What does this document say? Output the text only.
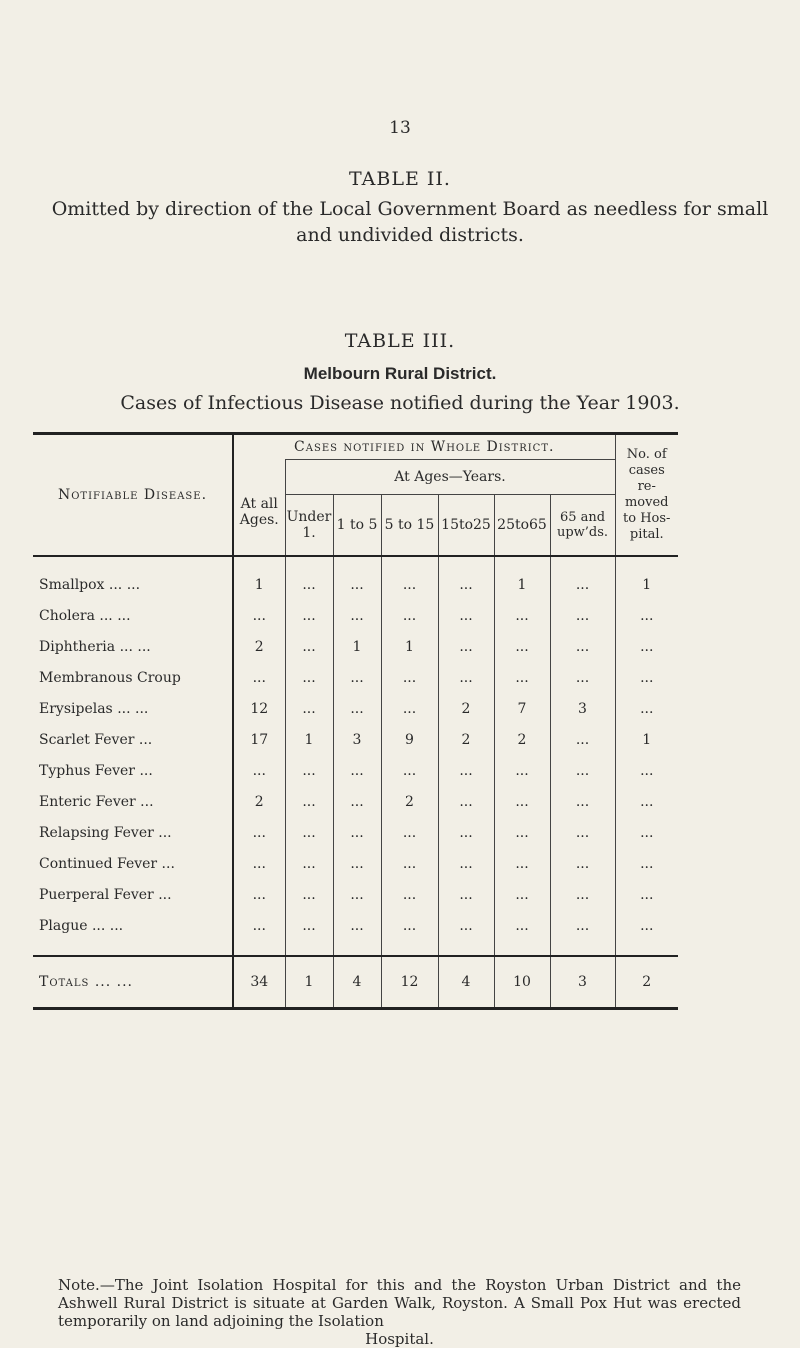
13
TABLE II.
Omitted by direction of the Local Government Board as needless for small and undivided districts.
TABLE III.
Melbourn Rural District.
Cases of Infectious Disease notified during the Year 1903.
Notifiable Disease.	Cases notified in Whole District.							No. of cases re-moved to Hos-pital.
	At all Ages.	At Ages—Years.						
		Under 1.	1 to 5	5 to 15	15to25	25to65	65 and upw’ds.	
Smallpox ... ...	1	...	...	...	...	1	...	1
Cholera ... ...	...	...	...	...	...	...	...	...
Diphtheria ... ...	2	...	1	1	...	...	...	...
Membranous Croup	...	...	...	...	...	...	...	...
Erysipelas ... ...	12	...	...	...	2	7	3	...
Scarlet Fever ...	17	1	3	9	2	2	...	1
Typhus Fever ...	...	...	...	...	...	...	...	...
Enteric Fever ...	2	...	...	2	...	...	...	...
Relapsing Fever ...	...	...	...	...	...	...	...	...
Continued Fever ...	...	...	...	...	...	...	...	...
Puerperal Fever ...	...	...	...	...	...	...	...	...
Plague ... ...	...	...	...	...	...	...	...	...
Totals ... ...	34	1	4	12	4	10	3	2
Note.—The Joint Isolation Hospital for this and the Royston Urban District and the Ashwell Rural District is situate at Garden Walk, Royston. A Small Pox Hut was erected temporarily on land adjoining the Isolation
Hospital.
